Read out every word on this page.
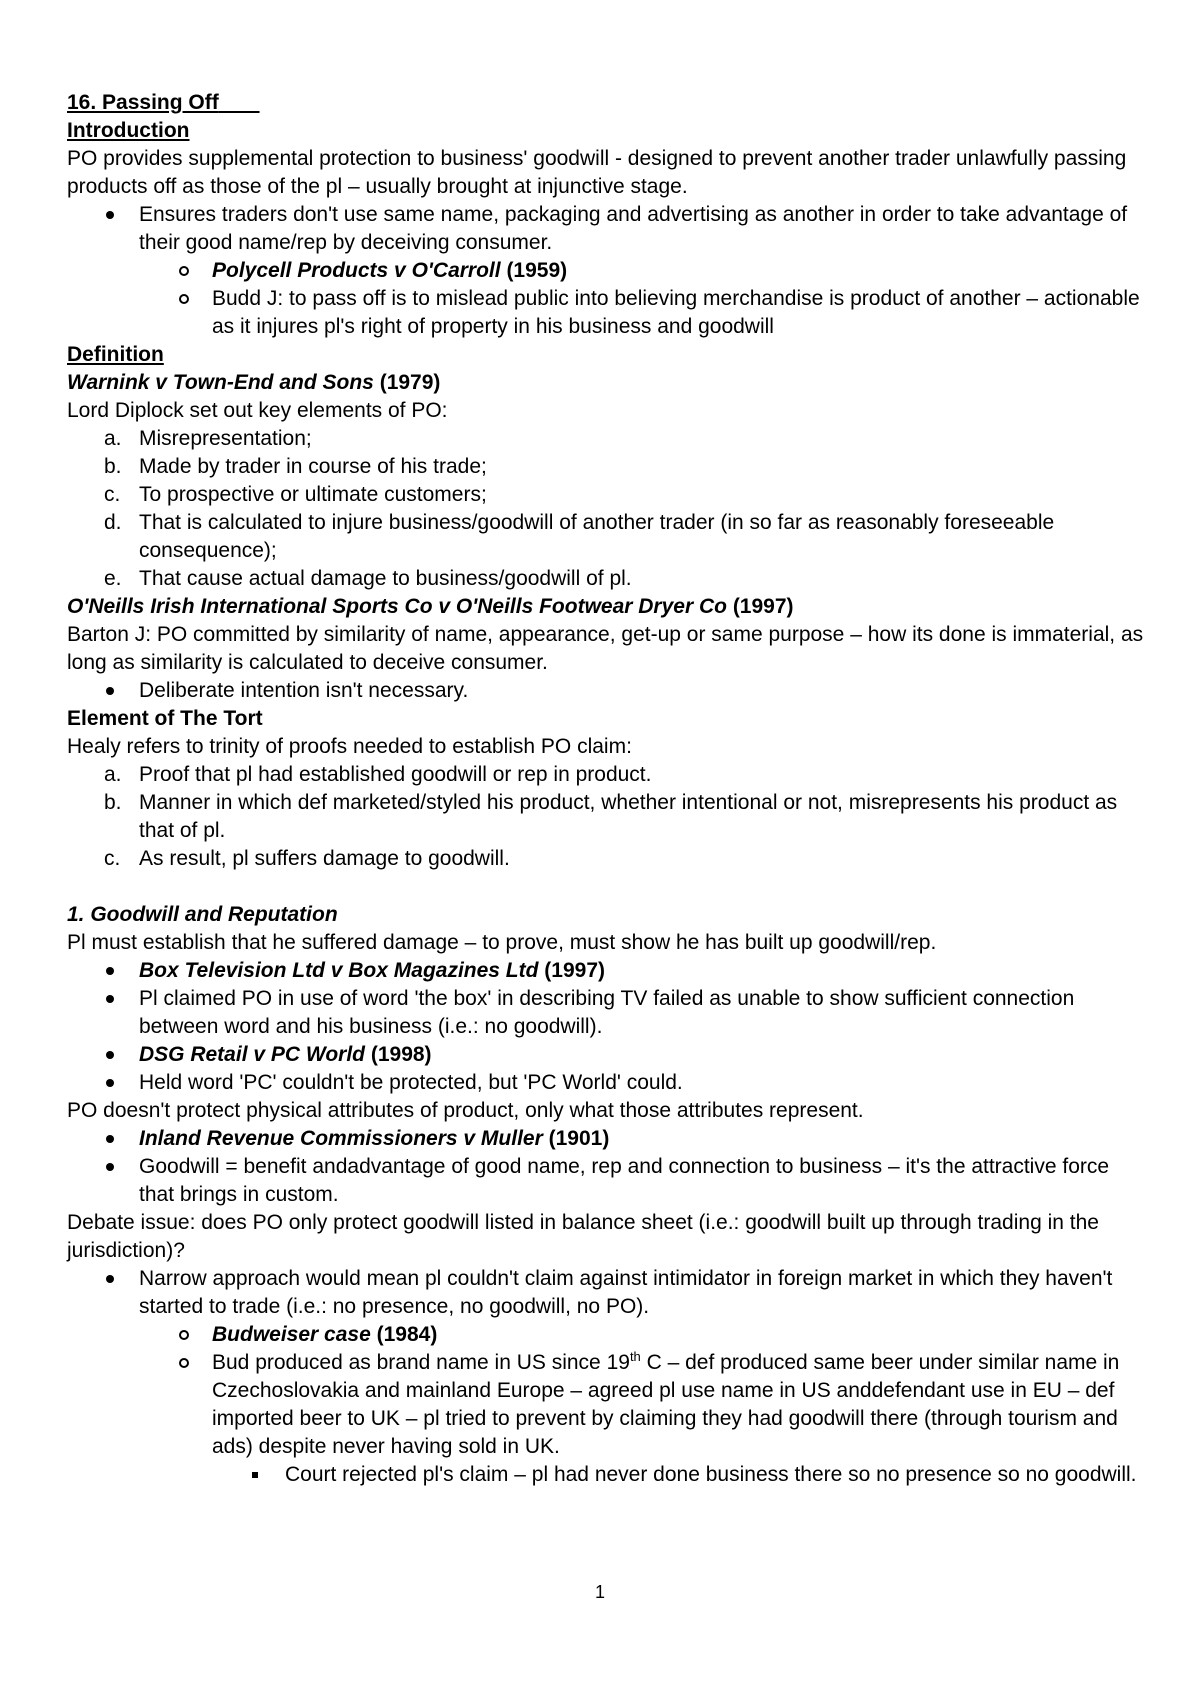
16. Passing Off

Introduction

PO provides supplemental protection to business' goodwill - designed to prevent another trader unlawfully passing products off as those of the pl – usually brought at injunctive stage.

Ensures traders don't use same name, packaging and advertising as another in order to take advantage of their good name/rep by deceiving consumer.
Polycell Products v O'Carroll (1959)
Budd J: to pass off is to mislead public into believing merchandise is product of another – actionable as it injures pl's right of property in his business and goodwill

Definition

Warnink v Town-End and Sons (1979)

Lord Diplock set out key elements of PO:

a. Misrepresentation;
b. Made by trader in course of his trade;
c. To prospective or ultimate customers;
d. That is calculated to injure business/goodwill of another trader (in so far as reasonably foreseeable consequence);
e. That cause actual damage to business/goodwill of pl.

O'Neills Irish International Sports Co v O'Neills Footwear Dryer Co (1997)

Barton J: PO committed by similarity of name, appearance, get-up or same purpose – how its done is immaterial, as long as similarity is calculated to deceive consumer.

Deliberate intention isn't necessary.

Element of The Tort

Healy refers to trinity of proofs needed to establish PO claim:

a. Proof that pl had established goodwill or rep in product.
b. Manner in which def marketed/styled his product, whether intentional or not, misrepresents his product as that of pl.
c. As result, pl suffers damage to goodwill.

1. Goodwill and Reputation

Pl must establish that he suffered damage – to prove, must show he has built up goodwill/rep.

Box Television Ltd v Box Magazines Ltd (1997)
Pl claimed PO in use of word 'the box' in describing TV failed as unable to show sufficient connection between word and his business (i.e.: no goodwill).
DSG Retail v PC World (1998)
Held word 'PC' couldn't be protected, but 'PC World' could.

PO doesn't protect physical attributes of product, only what those attributes represent.

Inland Revenue Commissioners v Muller (1901)
Goodwill = benefit andadvantage of good name, rep and connection to business – it's the attractive force that brings in custom.

Debate issue: does PO only protect goodwill listed in balance sheet (i.e.: goodwill built up through trading in the jurisdiction)?

Narrow approach would mean pl couldn't claim against intimidator in foreign market in which they haven't started to trade (i.e.: no presence, no goodwill, no PO).
Budweiser case (1984)
Bud produced as brand name in US since 19th C – def produced same beer under similar name in Czechoslovakia and mainland Europe – agreed pl use name in US anddefendant use in EU – def imported beer to UK – pl tried to prevent by claiming they had goodwill there (through tourism and ads) despite never having sold in UK.
Court rejected pl's claim – pl had never done business there so no presence so no goodwill.
1
